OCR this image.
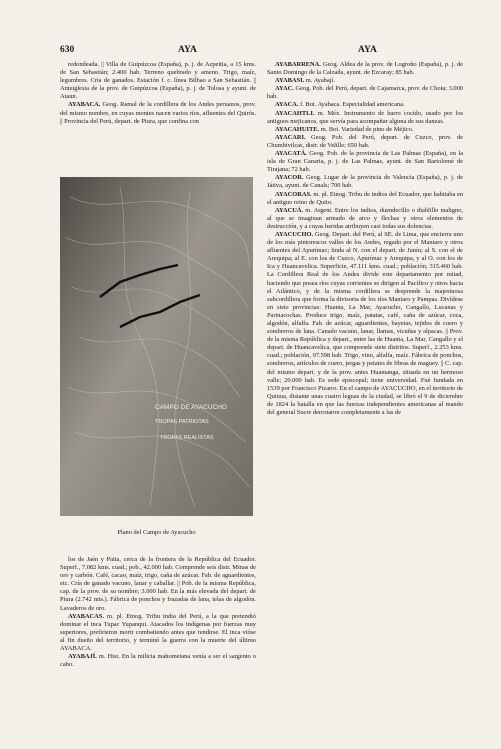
630	AYA	AYA

redondeada. || Villa de Guipúzcoa (España), p. j. de Azpeitia, a 15 kms. de San Sebastián; 2.400 hab. Terreno quebrado y ameno. Trigo, maíz, legumbres. Cría de ganados. Estación f. c. línea Bilbao a San Sebastián. || Anteiglesia de la prov. de Guipúzcoa (España), p. j. de Tolosa y ayunt. de Ataun.

AYABACA. Geog. Ramal de la cordillera de los Andes peruanos, prov. del mismo nombre, en cuyas montes nacen varios ríos, afluentes del Quirós. || Provincia del Perú, depart. de Piura, que confina con

CAMPO DE AYACUCHO
TROPAS PATRIOTAS
TROPAS REALISTAS
Plano del Campo de Ayacucho

los de Jaén y Paita, cerca de la frontera de la República del Ecuador. Superf., 7.082 kms. cuad.; pob., 42.000 hab. Comprende seis distr. Minas de oro y carbón. Café, cacao, maíz, trigo, caña de azúcar. Fab. de aguardientes, etc. Cría de ganado vacuno, lanar y caballar. || Pob. de la misma República, cap. de la prov. de su nombre; 3.000 hab. En la más elevada del depart. de Piura (2.742 mts.). Fábrica de ponchos y frazadas de lana, telas de algodón. Lavaderos de oro.

AYABACAS. m. pl. Etnog. Tribu india del Perú, a la que pretendió dominar el inca Tupac Yupanqui. Atacados los indígenas por fuerzas muy superiores, prefirieron morir combatiendo antes que rendirse. El inca vióse al fin dueño del territorio, y terminó la guerra con la muerte del último AYABACA.

AYABAJÍ. m. Hist. En la milicia mahometana venía a ser el sargento o cabo.

AYABARRENA. Geog. Aldea de la prov. de Logroño (España), p. j. de Santo Domingo de la Calzada, ayunt. de Ezcaray; 85 hab.

AYABASI. m. Ayabají.

AYAC. Geog. Pob. del Perú, depart. de Cajamarca, prov. de Chota; 3.000 hab.

AYACA. f. Bot. Ayabaca. Especialidad americana.

AYACAHTLI. m. Méx. Instrumento de barro cocido, usado por los antiguos mejicanos, que servía para acompañar alguna de sus danzas.

AYACAHUITE. m. Bot. Variedad de pino de Méjico.

AYACARI. Geog. Pob. del Perú, depart. de Cuzco, prov. de Chumbivilcas, distr. de Velille; 650 hab.

AYACATÁ. Geog. Pob. de la provincia de Las Palmas (España), en la isla de Gran Canaria, p. j. de Las Palmas, ayunt. de San Bartolomé de Tirajana; 72 hab.

AYACOR. Geog. Lugar de la provincia de Valencia (España), p. j. de Játiva, ayunt. de Canals; 700 hab.

AYACORAS. m. pl. Etnog. Tribu de indios del Ecuador, que habitaba en el antiguo reino de Quito.

AYACUÁ. m. Argent. Entre los indios, duendecillo o diablillo maligno, al que se imaginan armado de arco y flechas y otros elementos de destrucción, y a cuyas heridas atribuyen casi todas sus dolencias.

AYACUCHO. Geog. Depart. del Perú, al SE. de Lima, que encierra uno de los más pintorescos valles de los Andes, regado por el Mantaro y otros afluentes del Apurímac; linda al N. con el depart. de Junín; al S. con el de Arequipa; al E. con los de Cuzco, Apurímac y Arequipa, y al O. con los de Ica y Huancavelica. Superficie, 47.111 kms. cuad.; población, 315.460 hab. La Cordillera Real de los Andes divide este departamento por mitad, haciendo que posea ríos cuyas corrientes se dirigen al Pacífico y otros hacia el Atlántico, y de la misma cordillera se desprende la majestuosa subcordillera que forma la divisoria de los ríos Mantaro y Pampas. Divídese en siete provincias: Huanta, La Mar, Ayacucho, Cangallo, Lucanas y Parinacochas. Produce trigo, maíz, patatas, café, caña de azúcar, coca, algodón, alfalfa. Fab. de azúcar, aguardientes, bayetas, tejidos de cuero y sombreros de lana. Canado vacuno, lanar, llamas, vicuñas y alpacas. || Prov. de la misma República y depart., entre las de Huanta, La Mar, Cangallo y el depart. de Huancavelica, que comprende siete distritos. Superf., 2.253 kms. cuad.; población, 97.598 hab. Trigo, vino, alfalfa, maíz. Fábrica de ponchos, sombreros, artículos de cuero, jergas y petates de fibras de maguey. || C. cap. del mismo depart. y de la prov. antes Huamanga, situada en un hermoso valle; 20.000 hab. Es sede episcopal; tiene universidad. Fué fundada en 1539 por Francisco Pizarro. En el campo de AYACUCHO, en el territorio de Quinua, distante unas cuatro leguas de la ciudad, se libró el 9 de diciembre de 1824 la batalla en que las fuerzas independientes americanas al mando del general Sucre derrotaron completamente a las de
